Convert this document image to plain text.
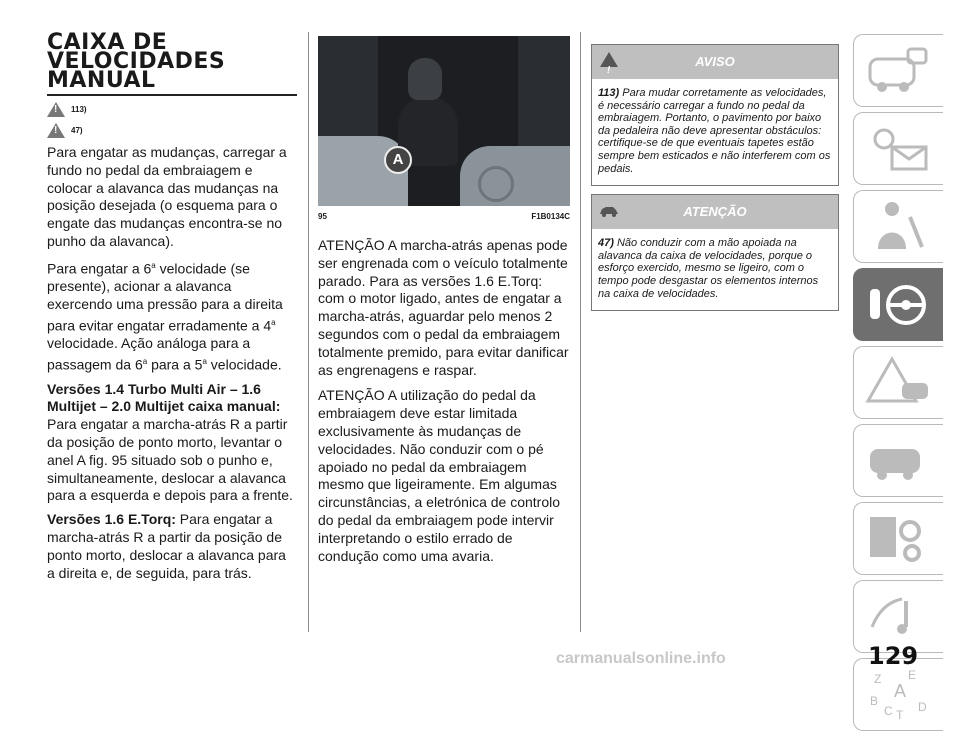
CAIXA DE
VELOCIDADES
MANUAL
!
113)
!
47)

Para engatar as mudanças, carregar a fundo no pedal da embraiagem e colocar a alavanca das mudanças na posição desejada (o esquema para o engate das mudanças encontra-se no punho da alavanca).

Para engatar a 6$^a$ velocidade (se presente), acionar a alavanca exercendo uma pressão para a direita para evitar engatar erradamente a 4$^a$ velocidade. Ação análoga para a passagem da 6$^a$ para a 5$^a$ velocidade.

Versões 1.4 Turbo Multi Air – 1.6 Multijet – 2.0 Multijet caixa manual: Para engatar a marcha-atrás R a partir da posição de ponto morto, levantar o anel A fig. 95 situado sob o punho e, simultaneamente, deslocar a alavanca para a esquerda e depois para a frente.

Versões 1.6 E.Torq: Para engatar a marcha-atrás R a partir da posição de ponto morto, deslocar a alavanca para a direita e, de seguida, para trás.

A
95	F1B0134C

ATENÇÃO A marcha-atrás apenas pode ser engrenada com o veículo totalmente parado. Para as versões 1.6 E.Torq: com o motor ligado, antes de engatar a marcha-atrás, aguardar pelo menos 2 segundos com o pedal da embraiagem totalmente premido, para evitar danificar as engrenagens e raspar.

ATENÇÃO A utilização do pedal da embraiagem deve estar limitada exclusivamente às mudanças de velocidades. Não conduzir com o pé apoiado no pedal da embraiagem mesmo que ligeiramente. Em algumas circunstâncias, a eletrónica de controlo do pedal da embraiagem pode intervir interpretando o estilo errado de condução como uma avaria.

!
AVISO
113) Para mudar corretamente as velocidades, é necessário carregar a fundo no pedal da embraiagem. Portanto, o pavimento por baixo da pedaleira não deve apresentar obstáculos: certifique-se de que eventuais tapetes estão sempre bem esticados e não interferem com os pedais.
ATENÇÃO
47) Não conduzir com a mão apoiada na alavanca da caixa de velocidades, porque o esforço exercido, mesmo se ligeiro, com o tempo pode desgastar os elementos internos na caixa de velocidades.
Z E
A
B
C T
D
129
carmanualsonline.info
